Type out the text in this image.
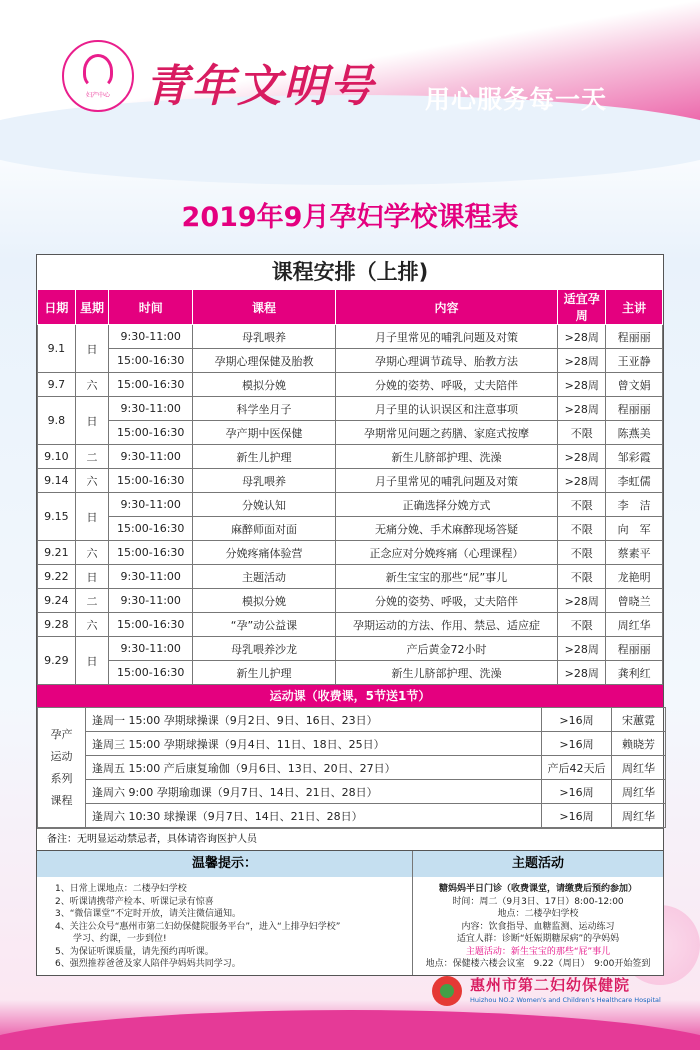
妇产中心 青年文明号 用心服务每一天
2019年9月孕妇学校课程表
课程安排（上排)
日期	星期	时间	课程	内容	适宜孕周	主讲
9.1	日	9:30-11:00	母乳喂养	月子里常见的哺乳问题及对策	>28周	程丽丽
		15:00-16:30	孕期心理保健及胎教	孕期心理调节疏导、胎教方法	>28周	王亚静
9.7	六	15:00-16:30	模拟分娩	分娩的姿势、呼吸，丈夫陪伴	>28周	曾文娟
9.8	日	9:30-11:00	科学坐月子	月子里的认识误区和注意事项	>28周	程丽丽
		15:00-16:30	孕产期中医保健	孕期常见问题之药膳、家庭式按摩	不限	陈燕美
9.10	二	9:30-11:00	新生儿护理	新生儿脐部护理、洗澡	>28周	邹彩霞
9.14	六	15:00-16:30	母乳喂养	月子里常见的哺乳问题及对策	>28周	李虹儒
9.15	日	9:30-11:00	分娩认知	正确选择分娩方式	不限	李　洁
		15:00-16:30	麻醉师面对面	无痛分娩、手术麻醉现场答疑	不限	向　军
9.21	六	15:00-16:30	分娩疼痛体验营	正念应对分娩疼痛（心理课程）	不限	蔡素平
9.22	日	9:30-11:00	主题活动	新生宝宝的那些“屁”事儿	不限	龙艳明
9.24	二	9:30-11:00	模拟分娩	分娩的姿势、呼吸，丈夫陪伴	>28周	曾晓兰
9.28	六	15:00-16:30	“孕”动公益课	孕期运动的方法、作用、禁忌、适应症	不限	周红华
9.29	日	9:30-11:00	母乳喂养沙龙	产后黄金72小时	>28周	程丽丽
		15:00-16:30	新生儿护理	新生儿脐部护理、洗澡	>28周	龚利红
运动课（收费课，5节送1节）
孕产
运动
系列
课程	逢周一 15:00 孕期球操课（9月2日、9日、16日、23日）	>16周	宋蕙霓
	逢周三 15:00 孕期球操课（9月4日、11日、18日、25日）	>16周	赖晓芳
	逢周五 15:00 产后康复瑜伽（9月6日、13日、20日、27日）	产后42天后	周红华
	逢周六 9:00 孕期瑜珈课（9月7日、14日、21日、28日）	>16周	周红华
	逢周六 10:30 球操课（9月7日、14日、21日、28日）	>16周	周红华
备注：无明显运动禁忌者，具体请咨询医护人员
温馨提示：
1、日常上课地点：二楼孕妇学校
2、听课请携带产检本、听课记录有惊喜
3、“微信课堂”不定时开放，请关注微信通知。
4、关注公众号“惠州市第二妇幼保健院服务平台”，进入“上排孕妇学校”
　　学习、约课，一步到位!
5、为保证听课质量，请先预约再听课。
6、强烈推荐爸爸及家人陪伴孕妈妈共同学习。
主题活动
糖妈妈半日门诊（收费课堂，请缴费后预约参加）
时间：周二（9月3日、17日）8:00-12:00
地点：二楼孕妇学校
内容：饮食指导、血糖监测、运动练习
适宜人群：诊断“妊娠期糖尿病”的孕妈妈
主题活动：新生宝宝的那些“屁”事儿
地点：保健楼六楼会议室　9.22（周日）　9:00开始签到
惠州市第二妇幼保健院
Huizhou NO.2 Women's and Children's Healthcare Hospital
